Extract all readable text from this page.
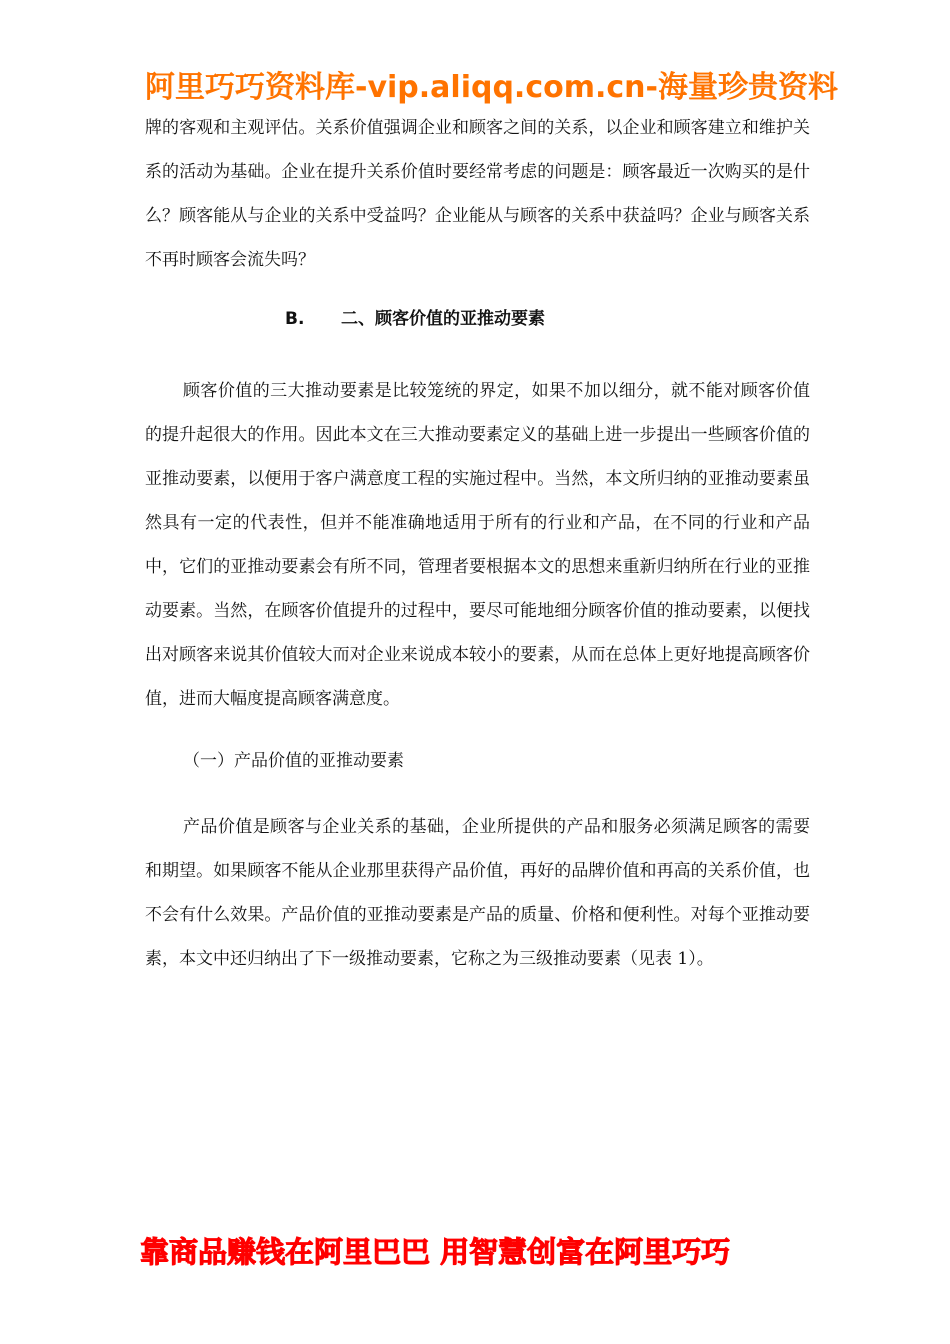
阿里巧巧资料库-vip.aliqq.com.cn-海量珍贵资料

牌的客观和主观评估。关系价值强调企业和顾客之间的关系，以企业和顾客建立和维护关系的活动为基础。企业在提升关系价值时要经常考虑的问题是：顾客最近一次购买的是什么？顾客能从与企业的关系中受益吗？企业能从与顾客的关系中获益吗？企业与顾客关系不再时顾客会流失吗？

B. 二、顾客价值的亚推动要素

顾客价值的三大推动要素是比较笼统的界定，如果不加以细分，就不能对顾客价值的提升起很大的作用。因此本文在三大推动要素定义的基础上进一步提出一些顾客价值的亚推动要素，以便用于客户满意度工程的实施过程中。当然，本文所归纳的亚推动要素虽然具有一定的代表性，但并不能准确地适用于所有的行业和产品，在不同的行业和产品中，它们的亚推动要素会有所不同，管理者要根据本文的思想来重新归纳所在行业的亚推动要素。当然，在顾客价值提升的过程中，要尽可能地细分顾客价值的推动要素，以便找出对顾客来说其价值较大而对企业来说成本较小的要素，从而在总体上更好地提高顾客价值，进而大幅度提高顾客满意度。

（一）产品价值的亚推动要素

产品价值是顾客与企业关系的基础，企业所提供的产品和服务必须满足顾客的需要和期望。如果顾客不能从企业那里获得产品价值，再好的品牌价值和再高的关系价值，也不会有什么效果。产品价值的亚推动要素是产品的质量、价格和便利性。对每个亚推动要素，本文中还归纳出了下一级推动要素，它称之为三级推动要素（见表 1）。

靠商品赚钱在阿里巴巴 用智慧创富在阿里巧巧
